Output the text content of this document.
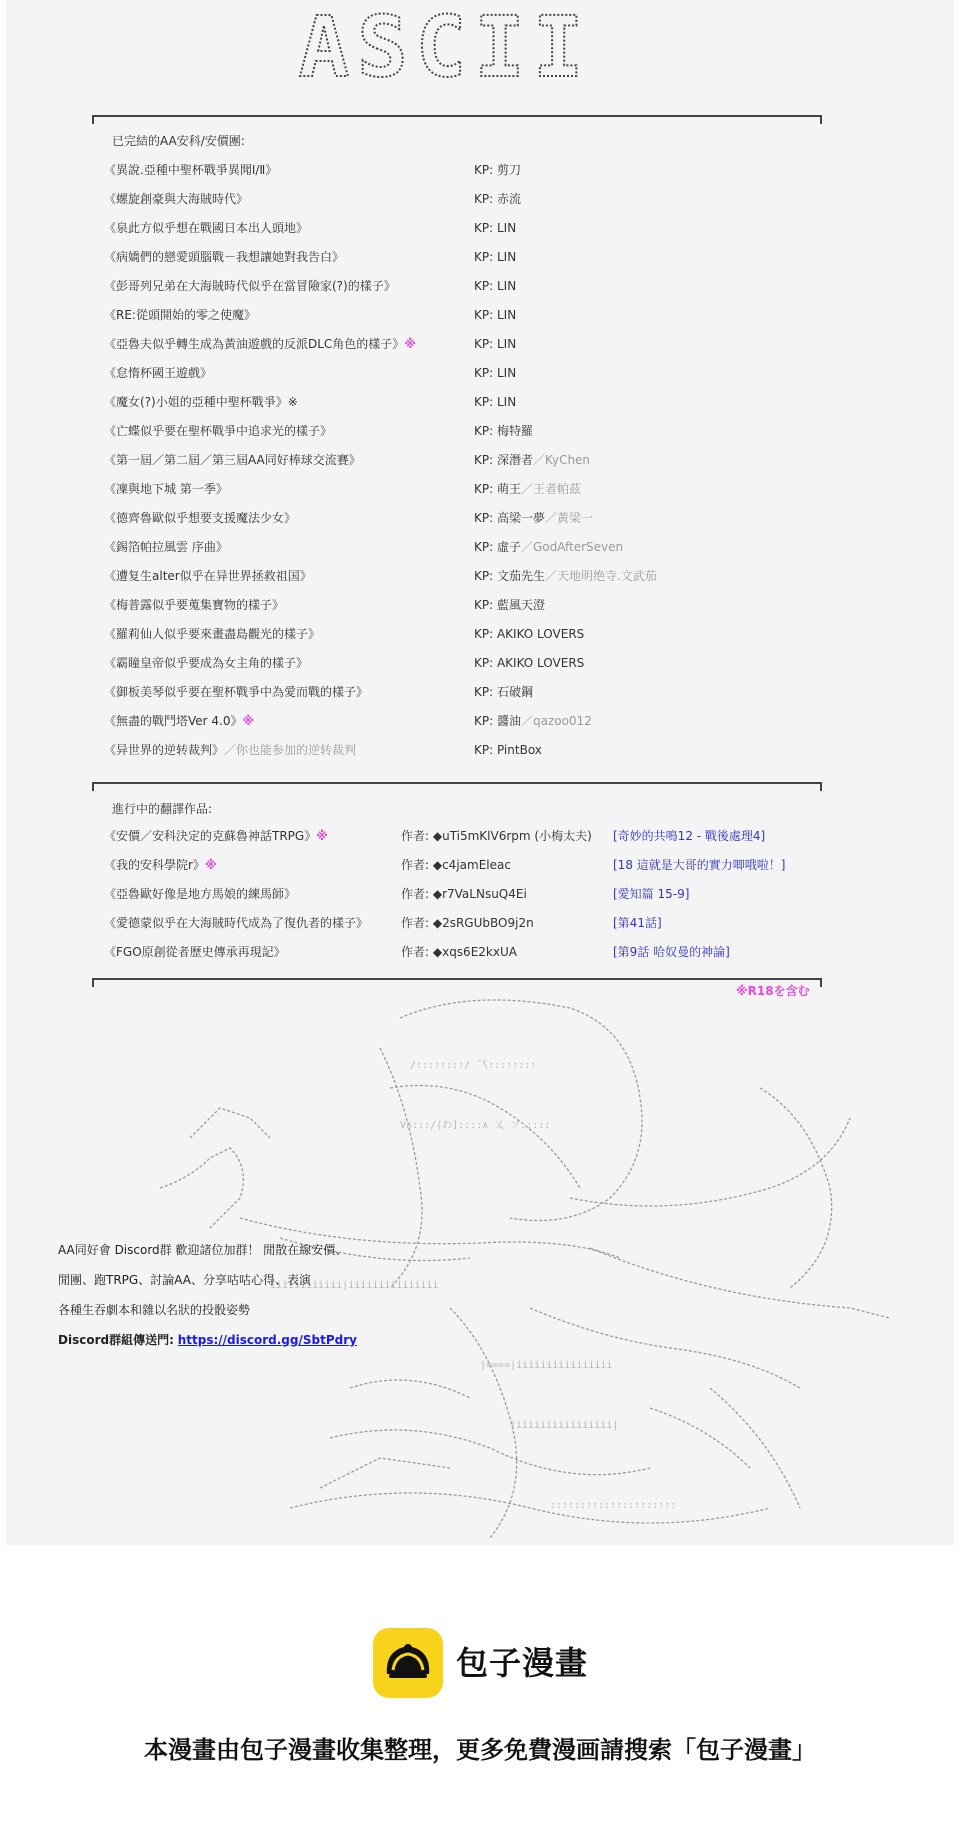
ASCII
已完結的AA安科/安價團:
《異說.亞種中聖杯戰爭異聞Ⅰ/Ⅱ》	KP: 剪刀
《螺旋創豪與大海賊時代》	KP: 赤流
《泉此方似乎想在戰國日本出人頭地》	KP: LIN
《病嬌們的戀愛頭腦戰－我想讓她對我告白》	KP: LIN
《彭哥列兄弟在大海賊時代似乎在當冒險家(?)的樣子》	KP: LIN
《RE:從頭開始的零之使魔》	KP: LIN
《亞魯夫似乎轉生成為黃油遊戲的反派DLC角色的樣子》※	KP: LIN
《怠惰杯國王遊戲》	KP: LIN
《魔女(?)小姐的亞種中聖杯戰爭》※	KP: LIN
《亡蝶似乎要在聖杯戰爭中追求光的樣子》	KP: 梅特羅
《第一屆／第二屆／第三屆AA同好棒球交流賽》	KP: 深潛者／KyChen
《凜與地下城 第一季》	KP: 萌王／王者帕茲
《德齊魯歐似乎想要支援魔法少女》	KP: 高梁一夢／黃梁一
《錫箔帕拉風雲 序曲》	KP: 虛子／GodAfterSeven
《遭复生alter似乎在异世界拯救祖国》	KP: 文茄先生／天地明绝寺.文武茄
《梅普露似乎要蒐集寶物的樣子》	KP: 藍風天澄
《羅莉仙人似乎要來畫盡島觀光的樣子》	KP: AKIKO LOVERS
《霸瞳皇帝似乎要成為女主角的樣子》	KP: AKIKO LOVERS
《御板美琴似乎要在聖杯戰爭中為愛而戰的樣子》	KP: 石破鋼
《無盡的戰鬥塔Ver 4.0》※	KP: 醬油／qazoo012
《异世界的逆转裁判》／你也能参加的逆转裁判	KP: PintBox
進行中的翻譯作品:
《安價／安科決定的克蘇魯神話TRPG》※	作者: ◆uTi5mKlV6rpm (小梅太夫) [奇妙的共鳴12 - 戰後處理4]
《我的安科學院r》※	作者: ◆c4jamEleac	[18 這就是大哥的實力唧哦啦！]
《亞魯歐好像是地方馬娘的練馬師》	作者: ◆r7VaLNsuQ4Ei	[愛知篇 15-9]
《愛德蒙似乎在大海賊時代成為了復仇者的樣子》	作者: ◆2sRGUbBO9j2n	[第41話]
《FGO原創從者歷史傳承再現記》	作者: ◆xqs6E2kxUA	[第9話 哈奴曼的神論]
※R18を含む
/::::::::/ ̄ ̄\::::::::
V∧:::/(わ]::::∧ 乂 ソ:::::
iiiiiiiiiiii|iiiiiiiiiiiiiii
|====|iiiiiiiiiiiiiiii
|iiiiiiiiiiiiiiii|
:::::::::::::::::::::
AA同好會 Discord群 歡迎諸位加群！ 閒散在線安價、
閒團、跑TRPG、討論AA、分享咕咕心得、表演
各種生吞劇本和雜以名狀的投骰姿勢
Discord群組傳送門: https://discord.gg/SbtPdry
包子漫畫
本漫畫由包子漫畫收集整理，更多免費漫画請搜索「包子漫畫」
